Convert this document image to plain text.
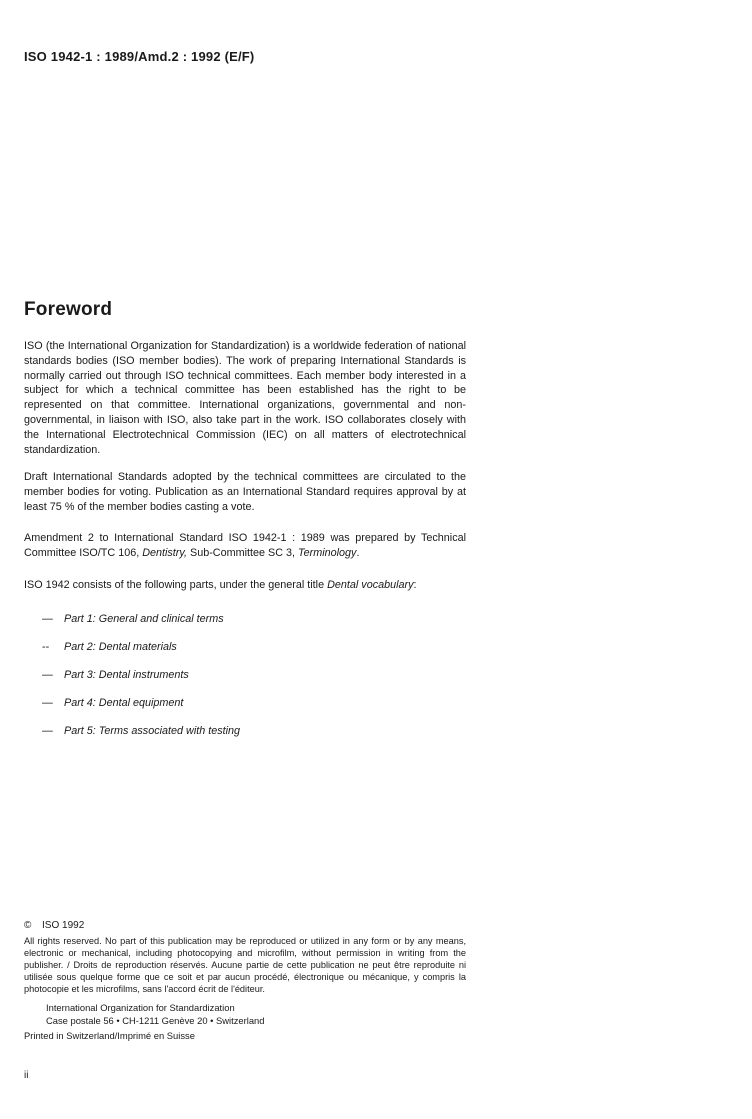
ISO 1942-1 : 1989/Amd.2 : 1992 (E/F)
Foreword

ISO (the International Organization for Standardization) is a worldwide federation of national standards bodies (ISO member bodies). The work of preparing International Standards is normally carried out through ISO technical committees. Each member body interested in a subject for which a technical committee has been established has the right to be represented on that committee. International organizations, governmental and non-governmental, in liaison with ISO, also take part in the work. ISO collaborates closely with the International Electrotechnical Commission (IEC) on all matters of electrotechnical standardization.

Draft International Standards adopted by the technical committees are circulated to the member bodies for voting. Publication as an International Standard requires approval by at least 75 % of the member bodies casting a vote.

Amendment 2 to International Standard ISO 1942-1 : 1989 was prepared by Technical Committee ISO/TC 106, Dentistry, Sub-Committee SC 3, Terminology.

ISO 1942 consists of the following parts, under the general title Dental vocabulary:

—	Part 1: General and clinical terms
--	Part 2: Dental materials
—	Part 3: Dental instruments
—	Part 4: Dental equipment
—	Part 5: Terms associated with testing
© ISO 1992

All rights reserved. No part of this publication may be reproduced or utilized in any form or by any means, electronic or mechanical, including photocopying and microfilm, without permission in writing from the publisher. / Droits de reproduction réservés. Aucune partie de cette publication ne peut être reproduite ni utilisée sous quelque forme que ce soit et par aucun procédé, électronique ou mécanique, y compris la photocopie et les microfilms, sans l'accord écrit de l'éditeur.

International Organization for Standardization
Case postale 56 • CH-1211 Genève 20 • Switzerland
Printed in Switzerland/Imprimé en Suisse
ii
